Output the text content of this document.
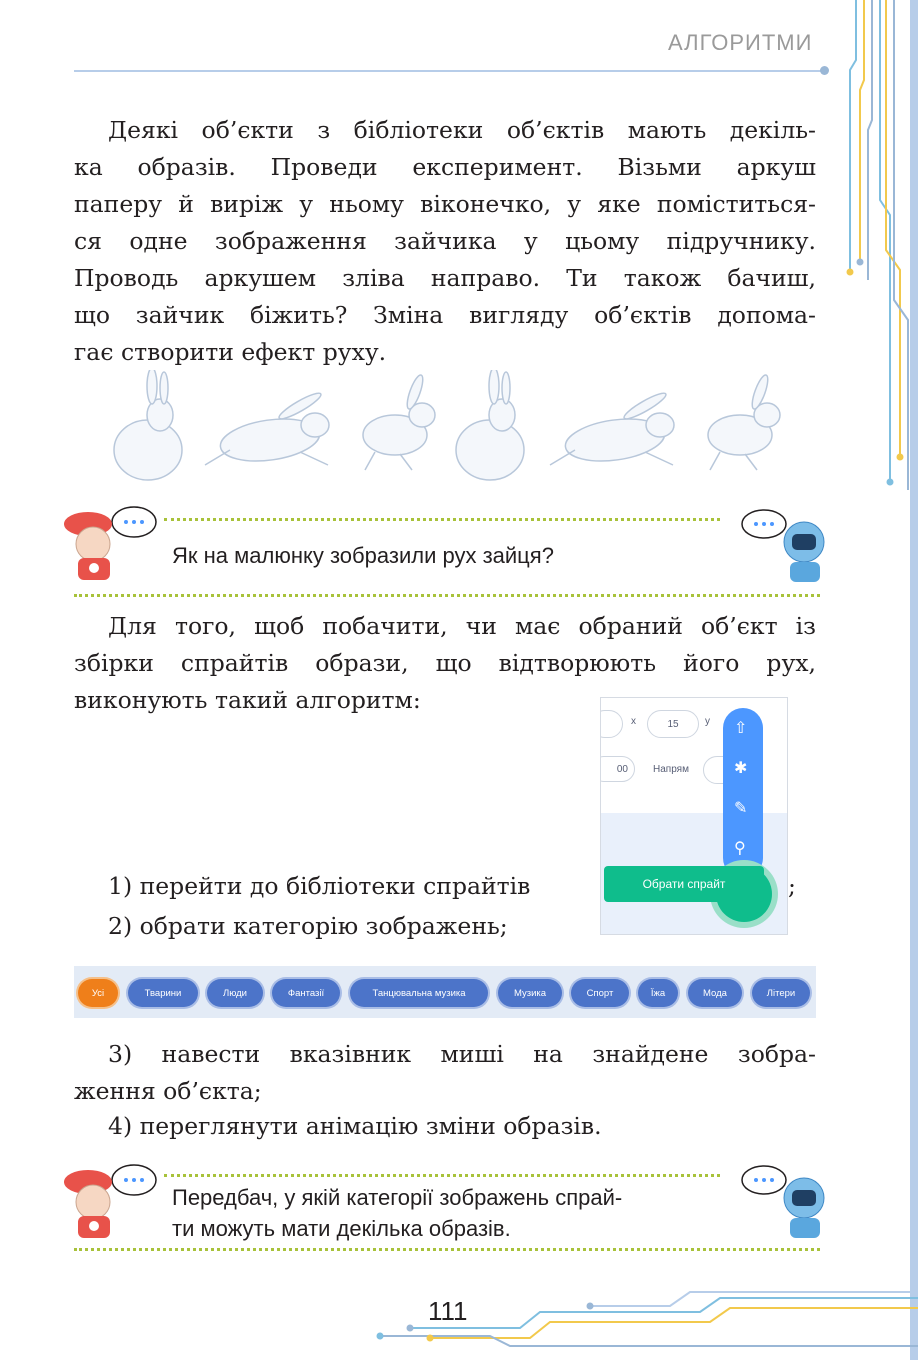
АЛГОРИТМИ
Деякі об’єкти з бібліотеки об’єктів мають декіль-
ка образів. Проведи експеримент. Візьми аркуш
паперу й виріж у ньому віконечко, у яке поміститься-
ся одне зображення зайчика у цьому підручнику.
Проводь аркушем зліва направо. Ти також бачиш,
що зайчик біжить? Зміна вигляду об’єктів допома-
гає створити ефект руху.
Як на малюнку зобразили рух зайця?
Для того, щоб побачити, чи має обраний об’єкт із
збірки спрайтів образи, що відтворюють його рух,
виконують такий алгоритм:
x	15	y
00	Напрям
⇧
✱
✎
⚲
Обрати спрайт
1) перейти до бібліотеки спрайтів	;
2) обрати категорію зображень;
Усі	Тварини	Люди	Фантазії	Танцювальна музика	Музика	Спорт	Їжа	Мода	Літери
3) навести вказівник миші на знайдене зобра-
ження об’єкта;
4) переглянути анімацію зміни образів.
Передбач, у якій категорії зображень спрай-
ти можуть мати декілька образів.
111
